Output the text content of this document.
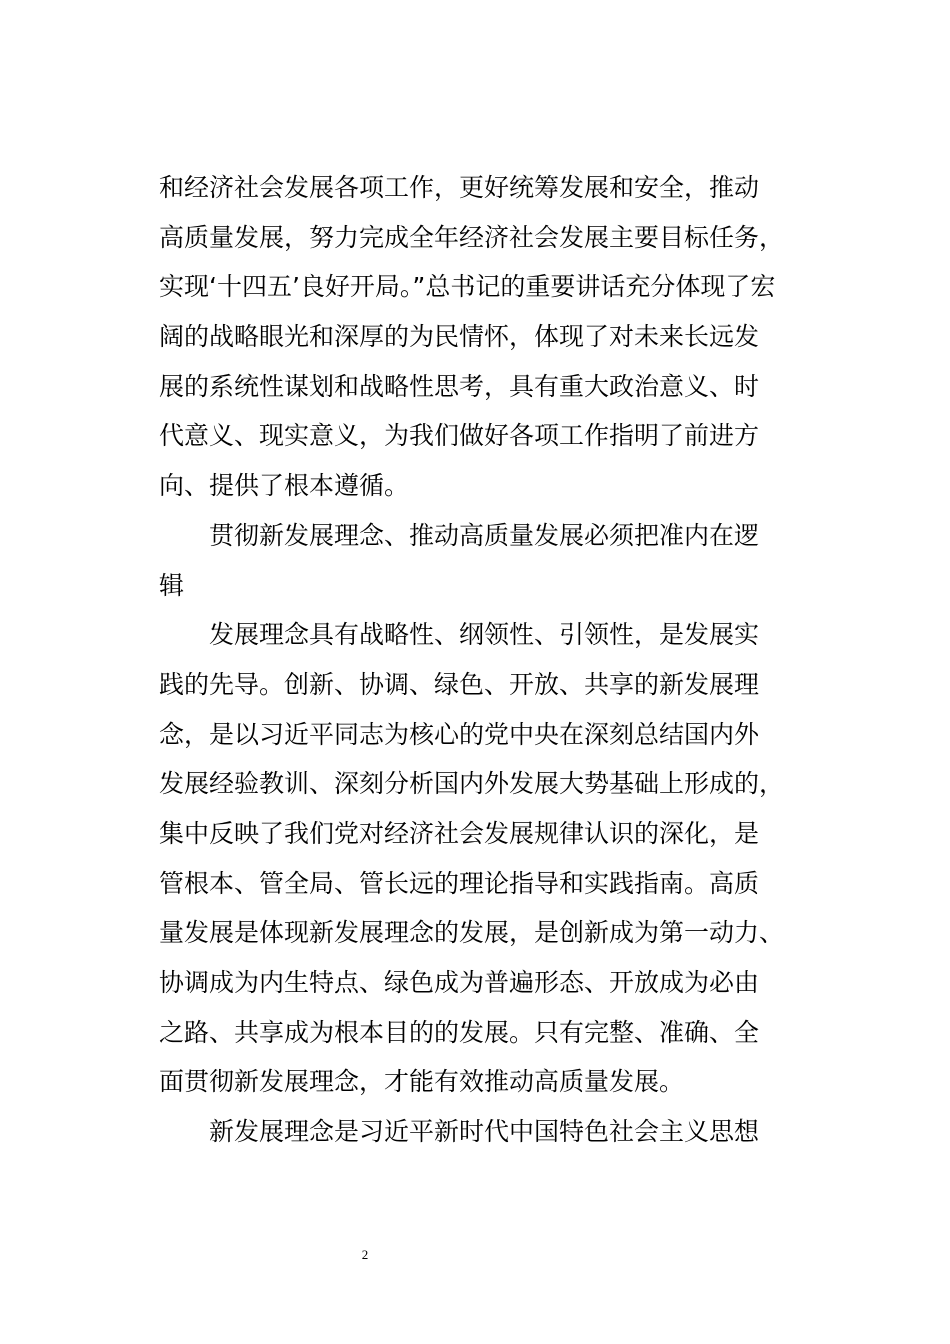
和经济社会发展各项工作，更好统筹发展和安全，推动
高质量发展，努力完成全年经济社会发展主要目标任务，
实现‘十四五’良好开局。”总书记的重要讲话充分体现了宏
阔的战略眼光和深厚的为民情怀，体现了对未来长远发
展的系统性谋划和战略性思考，具有重大政治意义、时
代意义、现实意义，为我们做好各项工作指明了前进方
向、提供了根本遵循。
贯彻新发展理念、推动高质量发展必须把准内在逻
辑
发展理念具有战略性、纲领性、引领性，是发展实
践的先导。创新、协调、绿色、开放、共享的新发展理
念，是以习近平同志为核心的党中央在深刻总结国内外
发展经验教训、深刻分析国内外发展大势基础上形成的，
集中反映了我们党对经济社会发展规律认识的深化，是
管根本、管全局、管长远的理论指导和实践指南。高质
量发展是体现新发展理念的发展，是创新成为第一动力、
协调成为内生特点、绿色成为普遍形态、开放成为必由
之路、共享成为根本目的的发展。只有完整、准确、全
面贯彻新发展理念，才能有效推动高质量发展。
新发展理念是习近平新时代中国特色社会主义思想
2
